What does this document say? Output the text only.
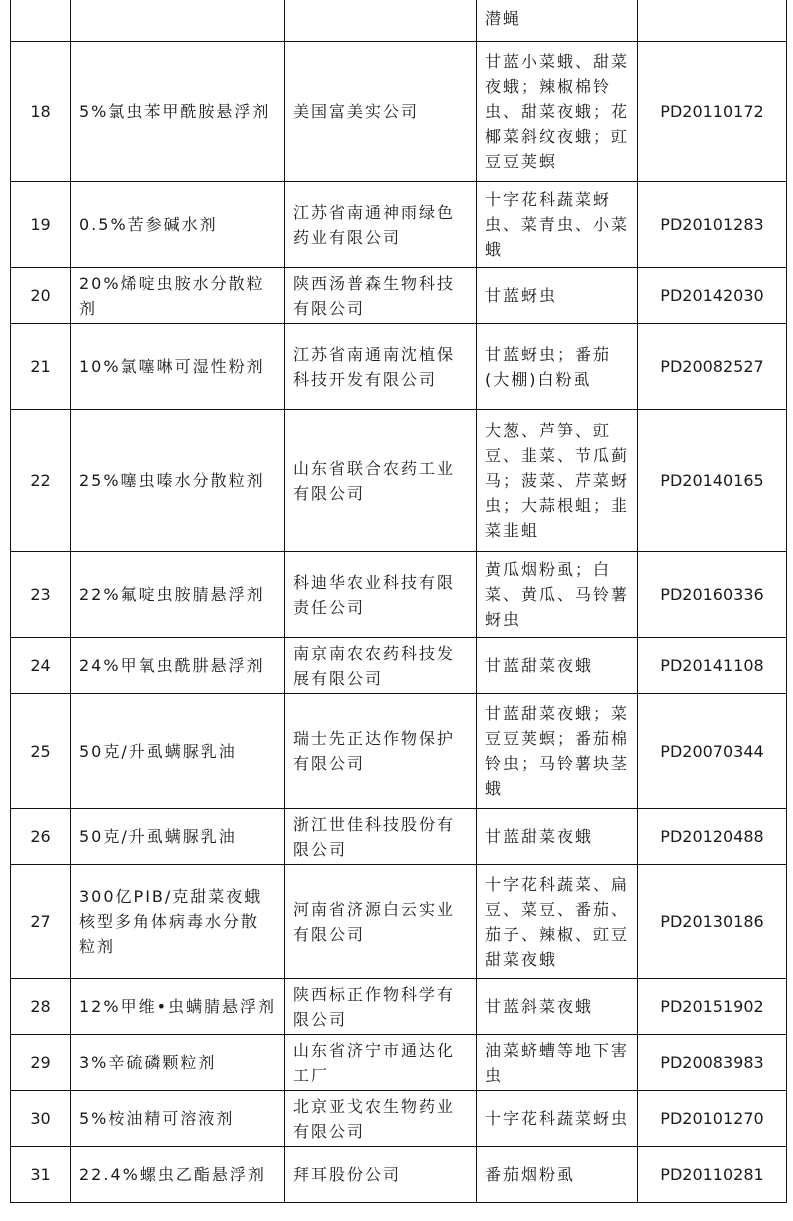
			潜蝇	

18	5%氯虫苯甲酰胺悬浮剂	美国富美实公司	甘蓝小菜蛾、甜菜夜蛾；辣椒棉铃虫、甜菜夜蛾；花椰菜斜纹夜蛾；豇豆豆荚螟	PD20110172
19	0.5%苦参碱水剂	江苏省南通神雨绿色药业有限公司	十字花科蔬菜蚜虫、菜青虫、小菜蛾	PD20101283
20	20%烯啶虫胺水分散粒剂	陕西汤普森生物科技有限公司	甘蓝蚜虫	PD20142030
21	10%氯噻啉可湿性粉剂	江苏省南通南沈植保科技开发有限公司	甘蓝蚜虫；番茄(大棚)白粉虱	PD20082527
22	25%噻虫嗪水分散粒剂	山东省联合农药工业有限公司	大葱、芦笋、豇豆、韭菜、节瓜蓟马；菠菜、芹菜蚜虫；大蒜根蛆；韭菜韭蛆	PD20140165
23	22%氟啶虫胺腈悬浮剂	科迪华农业科技有限责任公司	黄瓜烟粉虱；白菜、黄瓜、马铃薯蚜虫	PD20160336
24	24%甲氧虫酰肼悬浮剂	南京南农农药科技发展有限公司	甘蓝甜菜夜蛾	PD20141108
25	50克/升虱螨脲乳油	瑞士先正达作物保护有限公司	甘蓝甜菜夜蛾；菜豆豆荚螟；番茄棉铃虫；马铃薯块茎蛾	PD20070344
26	50克/升虱螨脲乳油	浙江世佳科技股份有限公司	甘蓝甜菜夜蛾	PD20120488
27	300亿PIB/克甜菜夜蛾核型多角体病毒水分散粒剂	河南省济源白云实业有限公司	十字花科蔬菜、扁豆、菜豆、番茄、茄子、辣椒、豇豆甜菜夜蛾	PD20130186
28	12%甲维•虫螨腈悬浮剂	陕西标正作物科学有限公司	甘蓝斜菜夜蛾	PD20151902
29	3%辛硫磷颗粒剂	山东省济宁市通达化工厂	油菜蛴螬等地下害虫	PD20083983
30	5%桉油精可溶液剂	北京亚戈农生物药业有限公司	十字花科蔬菜蚜虫	PD20101270
31	22.4%螺虫乙酯悬浮剂	拜耳股份公司	番茄烟粉虱	PD20110281
